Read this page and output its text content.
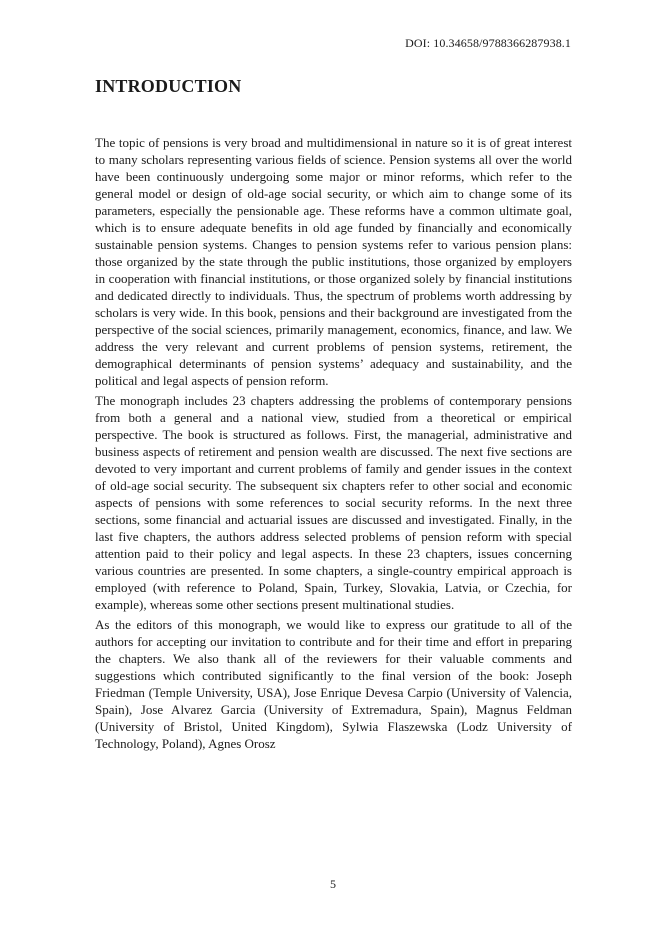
DOI: 10.34658/9788366287938.1
INTRODUCTION

The topic of pensions is very broad and multidimensional in nature so it is of great interest to many scholars representing various fields of science. Pension systems all over the world have been continuously undergoing some major or minor reforms, which refer to the general model or design of old-age social security, or which aim to change some of its parameters, especially the pensionable age. These reforms have a common ultimate goal, which is to ensure adequate benefits in old age funded by financially and economically sustainable pension systems. Changes to pension systems refer to various pension plans: those organized by the state through the public institutions, those organized by employers in cooperation with financial institutions, or those organized solely by financial institutions and dedicated directly to individuals. Thus, the spectrum of problems worth addressing by scholars is very wide. In this book, pensions and their background are investigated from the perspective of the social sciences, primarily management, economics, finance, and law. We address the very relevant and current problems of pension systems, retirement, the demographical determinants of pension systems’ adequacy and sustainability, and the political and legal aspects of pension reform.

The monograph includes 23 chapters addressing the problems of contemporary pensions from both a general and a national view, studied from a theoretical or empirical perspective. The book is structured as follows. First, the managerial, administrative and business aspects of retirement and pension wealth are discussed. The next five sections are devoted to very important and current problems of family and gender issues in the context of old-age social security. The subsequent six chapters refer to other social and economic aspects of pensions with some references to social security reforms. In the next three sections, some financial and actuarial issues are discussed and investigated. Finally, in the last five chapters, the authors address selected problems of pension reform with special attention paid to their policy and legal aspects. In these 23 chapters, issues concerning various countries are presented. In some chapters, a single-country empirical approach is employed (with reference to Poland, Spain, Turkey, Slovakia, Latvia, or Czechia, for example), whereas some other sections present multinational studies.

As the editors of this monograph, we would like to express our gratitude to all of the authors for accepting our invitation to contribute and for their time and effort in preparing the chapters. We also thank all of the reviewers for their valuable comments and suggestions which contributed significantly to the final version of the book: Joseph Friedman (Temple University, USA), Jose Enrique Devesa Carpio (University of Valencia, Spain), Jose Alvarez Garcia (University of Extremadura, Spain), Magnus Feldman (University of Bristol, United Kingdom), Sylwia Flaszewska (Lodz University of Technology, Poland), Agnes Orosz

5
